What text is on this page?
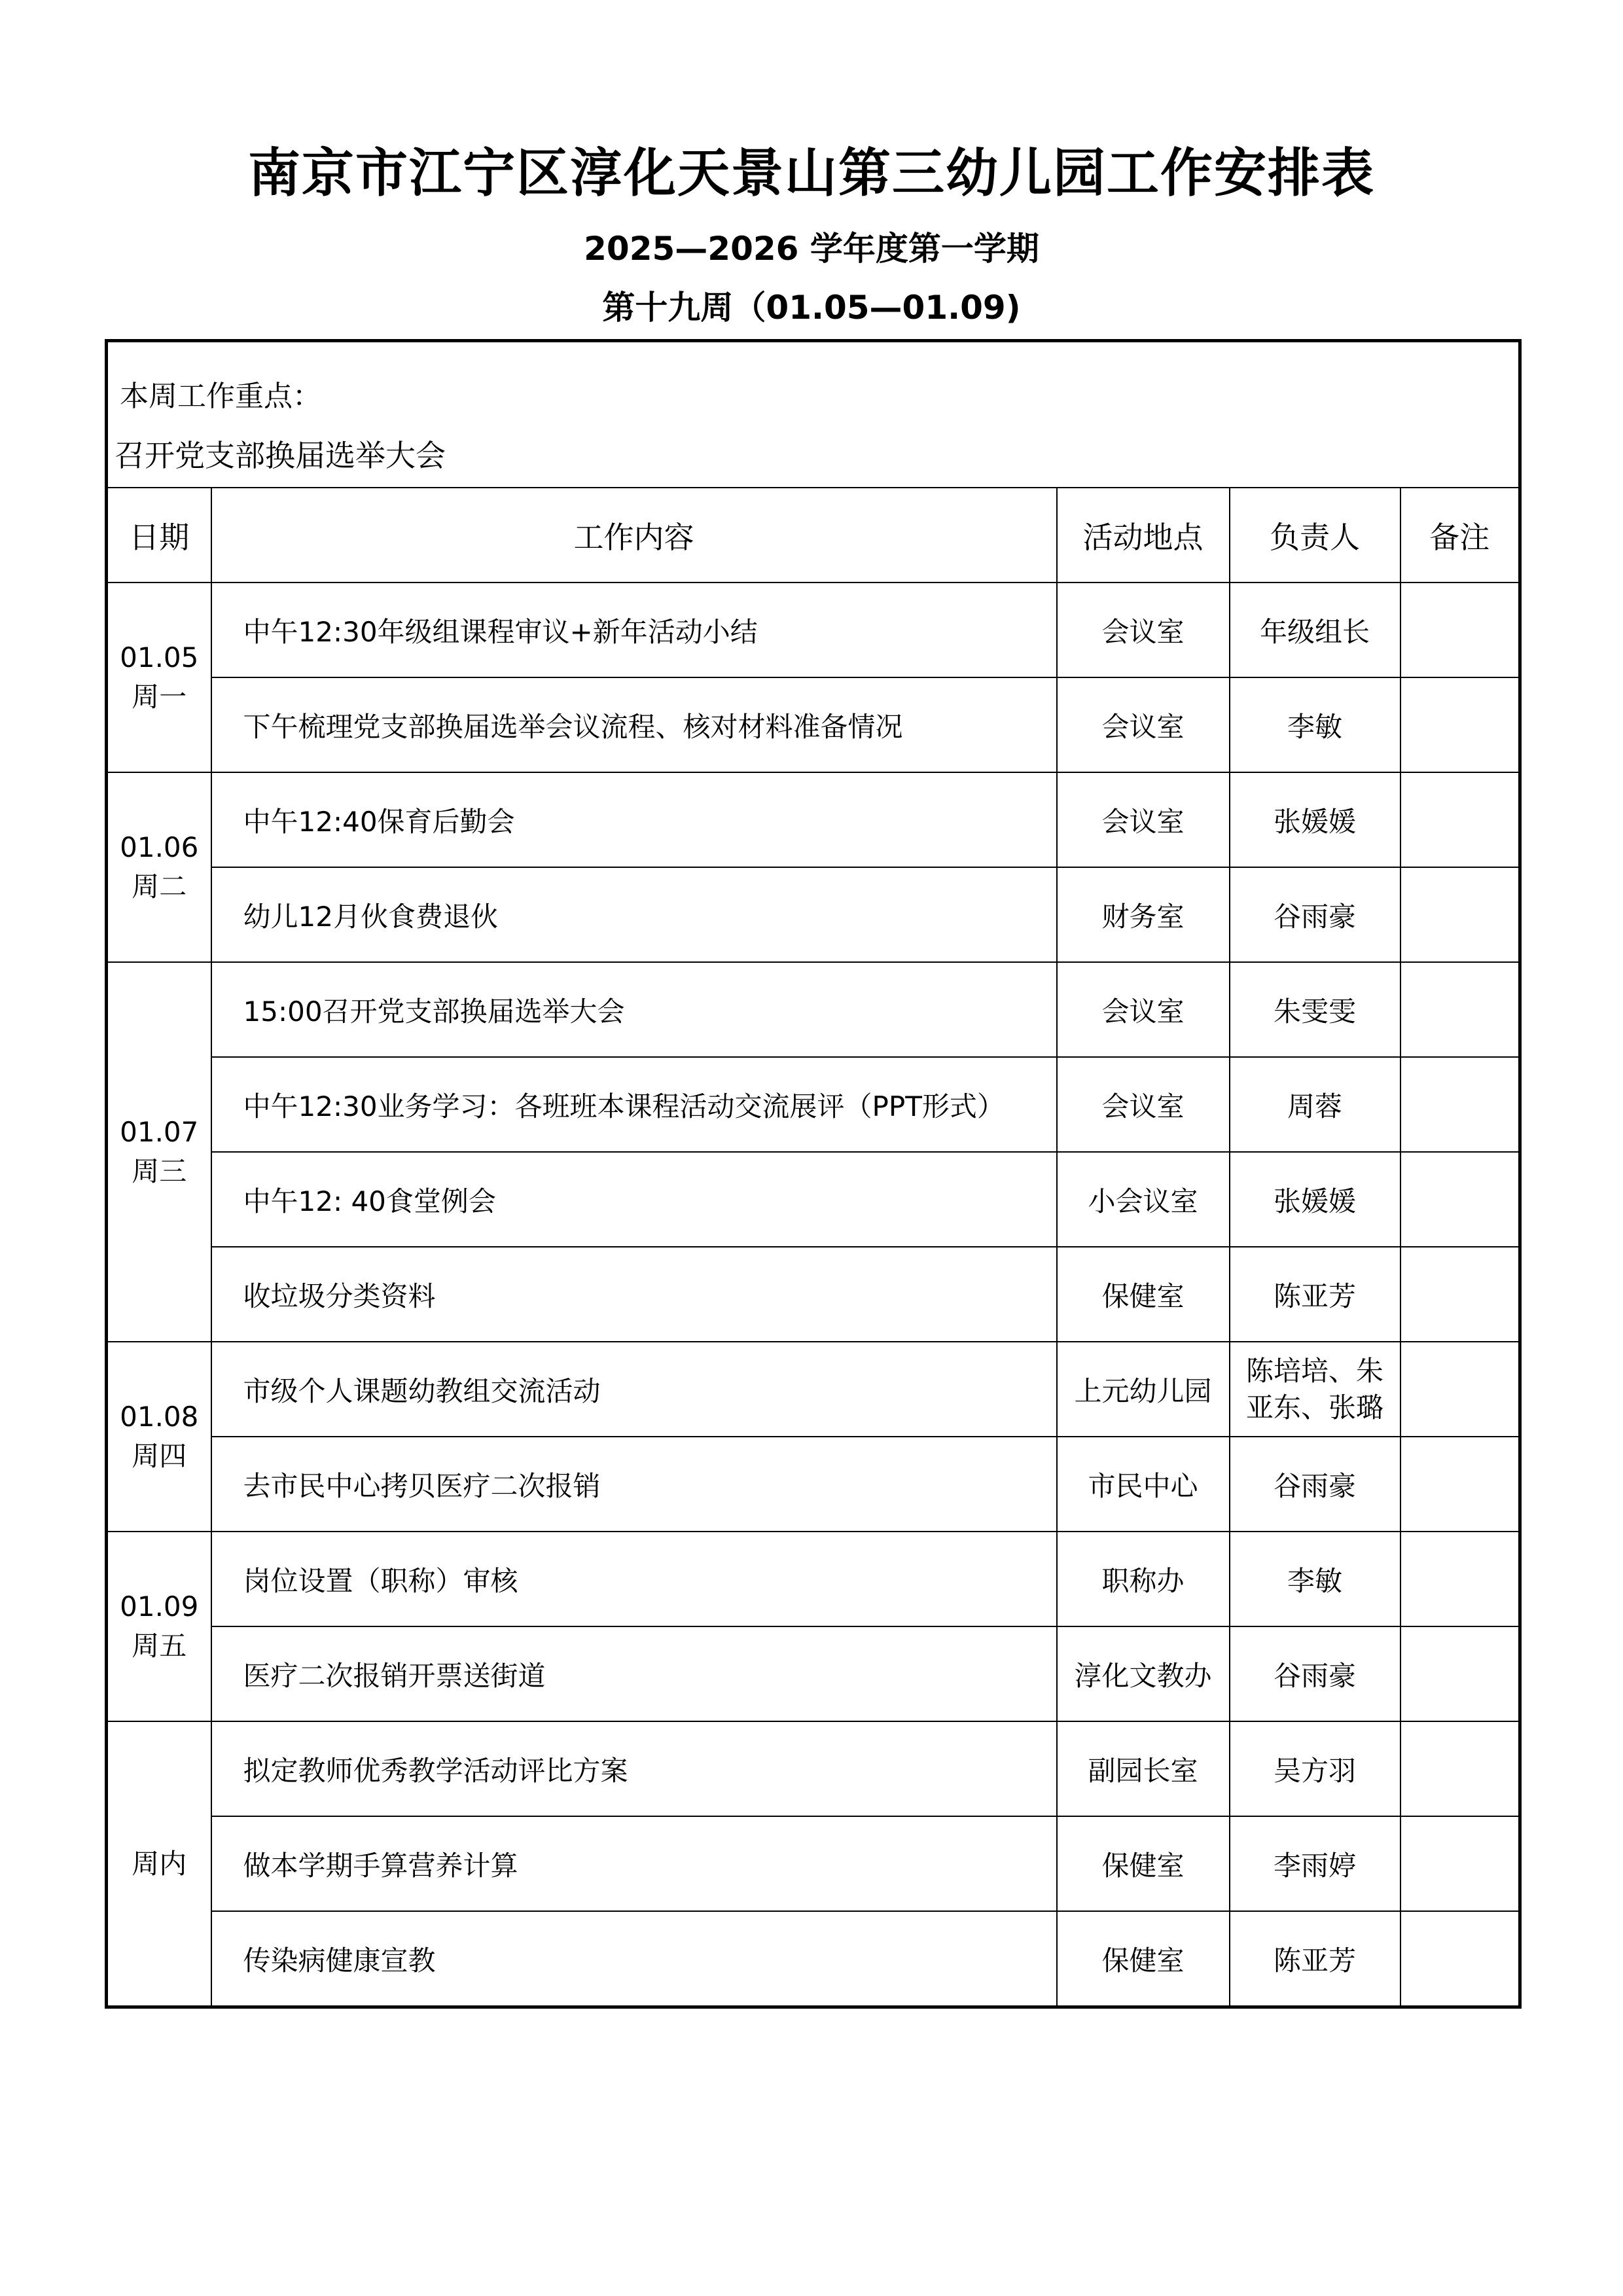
南京市江宁区淳化天景山第三幼儿园工作安排表
2025—2026 学年度第一学期
第十九周（01.05—01.09)
本周工作重点：
召开党支部换届选举大会				

日期	工作内容	活动地点	负责人	备注

01.05
周一	中午12:30年级组课程审议+新年活动小结	会议室	年级组长	
	下午梳理党支部换届选举会议流程、核对材料准备情况	会议室	李敏	

01.06
周二	中午12:40保育后勤会	会议室	张媛媛	
	幼儿12月伙食费退伙	财务室	谷雨豪	

01.07
周三	15:00召开党支部换届选举大会	会议室	朱雯雯	
	中午12:30业务学习：各班班本课程活动交流展评（PPT形式）	会议室	周蓉	
	中午12: 40食堂例会	小会议室	张媛媛	
	收垃圾分类资料	保健室	陈亚芳	

01.08
周四	市级个人课题幼教组交流活动	上元幼儿园	陈培培、朱亚东、张璐	
	去市民中心拷贝医疗二次报销	市民中心	谷雨豪	

01.09
周五	岗位设置（职称）审核	职称办	李敏	
	医疗二次报销开票送街道	淳化文教办	谷雨豪	

周内	拟定教师优秀教学活动评比方案	副园长室	吴方羽	
	做本学期手算营养计算	保健室	李雨婷	
	传染病健康宣教	保健室	陈亚芳	
